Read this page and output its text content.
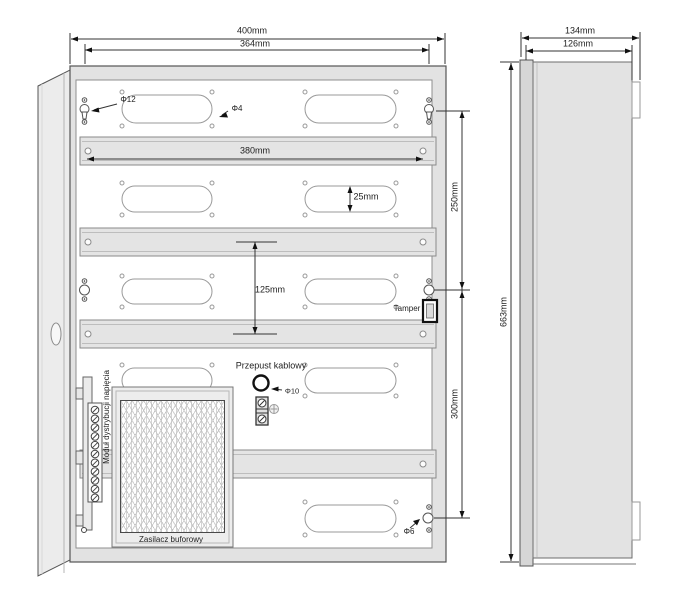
400mm
364mm
380mm
25mm
125mm
250mm
300mm
663mm
134mm
126mm
Φ12
Φ4
Φ10
Φ6
Tamper
Przepust kablowy
Moduł dystrybucji napięcia
Zasilacz buforowy
